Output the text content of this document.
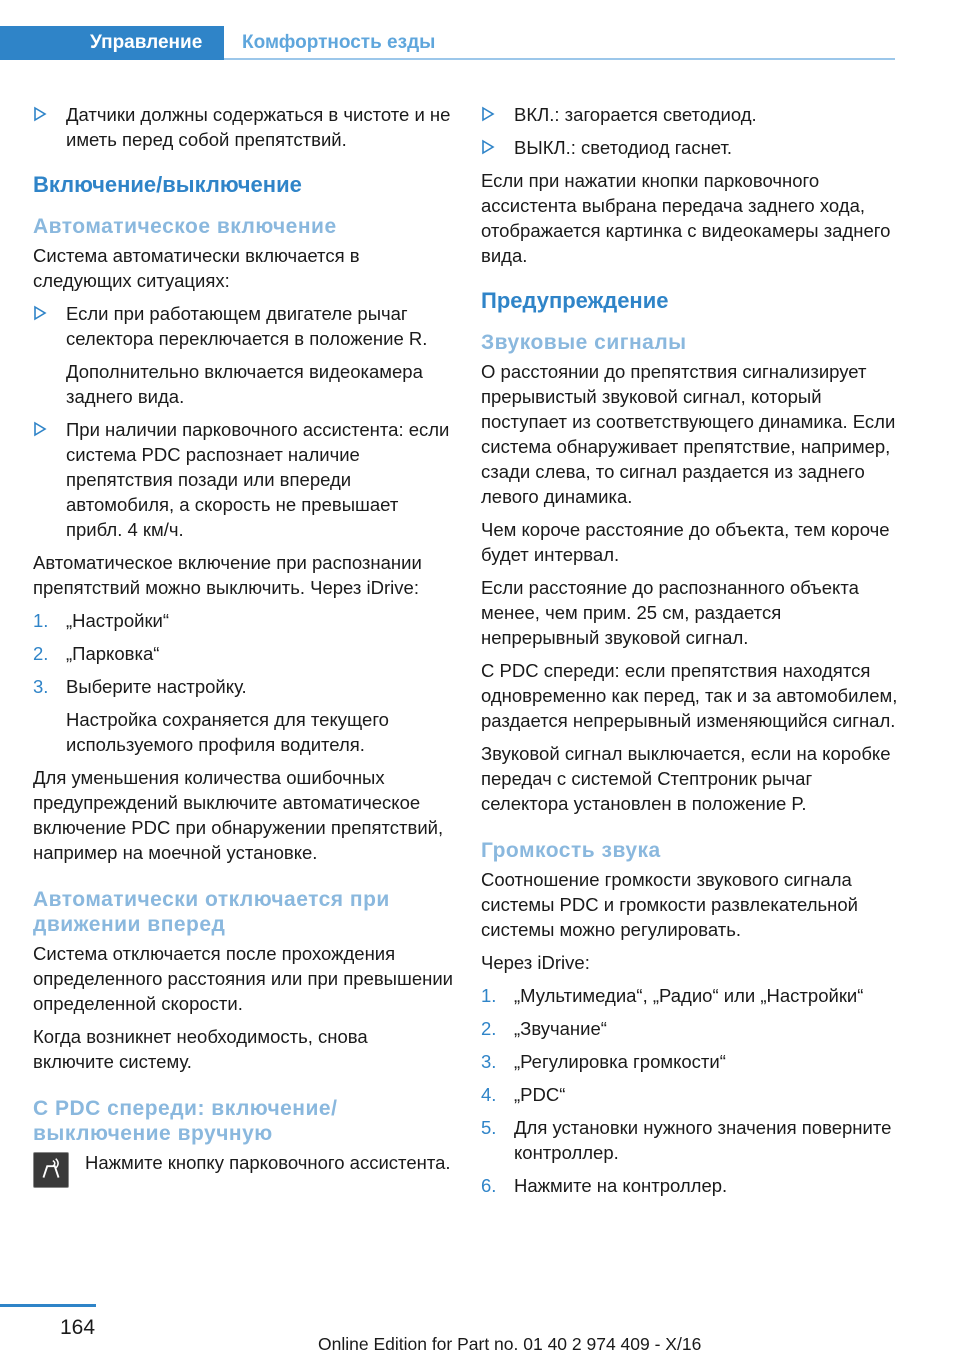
Управление	Комфортность езды
Датчики должны содержаться в чистоте и не иметь перед собой препятствий.
Включение/выключение
Автоматическое включение

Система автоматически включается в следующих ситуациях:

Если при работающем двигателе рычаг селектора переключается в положение R.
Дополнительно включается видеокамера заднего вида.
При наличии парковочного ассистента: если система PDC распознает наличие препятствия позади или впереди автомобиля, а скорость не превышает прибл. 4 км/ч.

Автоматическое включение при распознании препятствий можно выключить. Через iDrive:

1. „Настройки“
2. „Парковка“
3. Выберите настройку.
Настройка сохраняется для текущего используемого профиля водителя.

Для уменьшения количества ошибочных предупреждений выключите автоматическое включение PDC при обнаружении препятствий, например на моечной установке.

Автоматически отключается при движении вперед

Система отключается после прохождения определенного расстояния или при превышении определенной скорости.

Когда возникнет необходимость, снова включите систему.

С PDC спереди: включение/выключение вручную
Нажмите кнопку парковочного ассистента.
ВКЛ.: загорается светодиод.
ВЫКЛ.: светодиод гаснет.

Если при нажатии кнопки парковочного ассистента выбрана передача заднего хода, отображается картинка с видеокамеры заднего вида.

Предупреждение
Звуковые сигналы

О расстоянии до препятствия сигнализирует прерывистый звуковой сигнал, который поступает из соответствующего динамика. Если система обнаруживает препятствие, например, сзади слева, то сигнал раздается из заднего левого динамика.

Чем короче расстояние до объекта, тем короче будет интервал.

Если расстояние до распознанного объекта менее, чем прим. 25 см, раздается непрерывный звуковой сигнал.

С PDC спереди: если препятствия находятся одновременно как перед, так и за автомобилем, раздается непрерывный изменяющийся сигнал.

Звуковой сигнал выключается, если на коробке передач с системой Стептроник рычаг селектора установлен в положение P.

Громкость звука

Соотношение громкости звукового сигнала системы PDC и громкости развлекательной системы можно регулировать.

Через iDrive:

1. „Мультимедиа“, „Радио“ или „Настройки“
2. „Звучание“
3. „Регулировка громкости“
4. „PDC“
5. Для установки нужного значения поверните контроллер.
6. Нажмите на контроллер.
164
Online Edition for Part no. 01 40 2 974 409 - X/16
